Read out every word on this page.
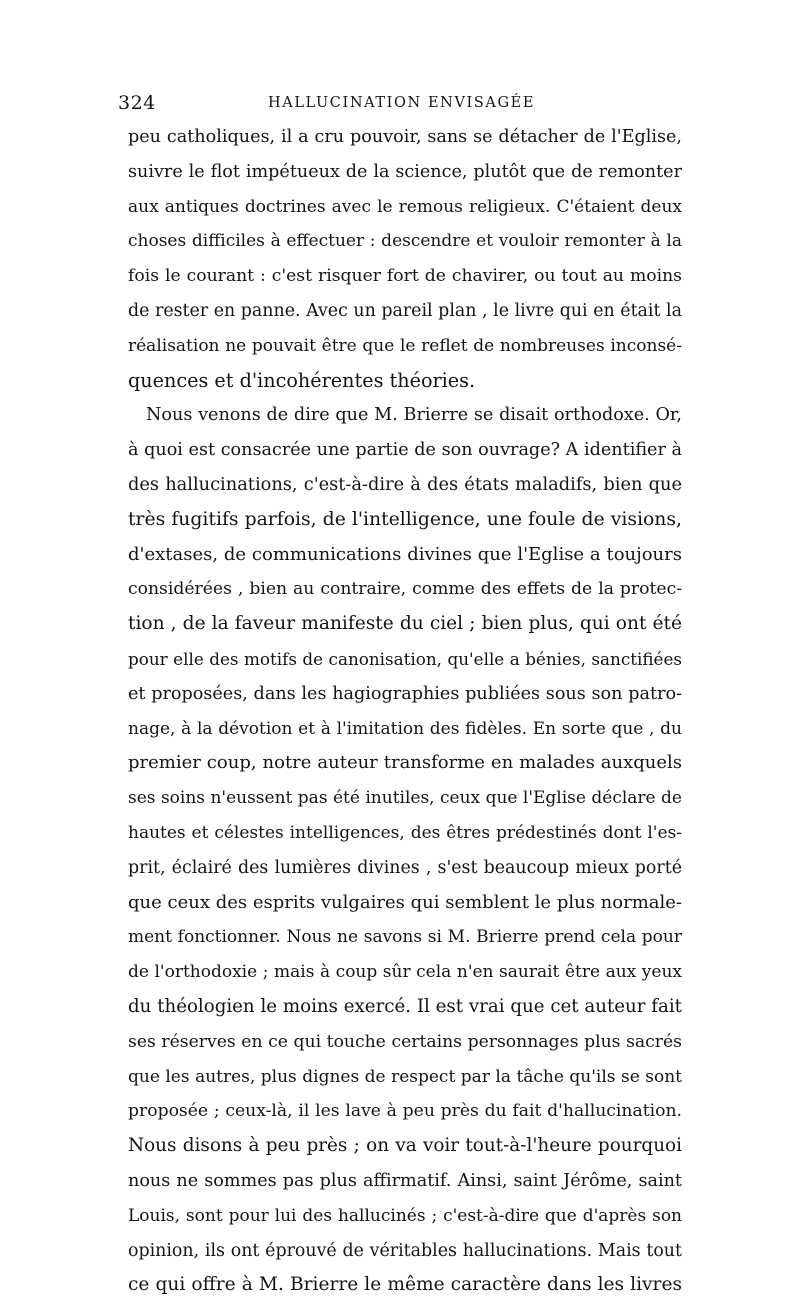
324	HALLUCINATION ENVISAGÉE
peu catholiques, il a cru pouvoir, sans se détacher de l'Eglise,
suivre le flot impétueux de la science, plutôt que de remonter
aux antiques doctrines avec le remous religieux. C'étaient deux
choses difficiles à effectuer : descendre et vouloir remonter à la
fois le courant : c'est risquer fort de chavirer, ou tout au moins
de rester en panne. Avec un pareil plan , le livre qui en était la
réalisation ne pouvait être que le reflet de nombreuses inconsé-
quences et d'incohérentes théories.
Nous venons de dire que M. Brierre se disait orthodoxe. Or,
à quoi est consacrée une partie de son ouvrage? A identifier à
des hallucinations, c'est-à-dire à des états maladifs, bien que
très fugitifs parfois, de l'intelligence, une foule de visions,
d'extases, de communications divines que l'Eglise a toujours
considérées , bien au contraire, comme des effets de la protec-
tion , de la faveur manifeste du ciel ; bien plus, qui ont été
pour elle des motifs de canonisation, qu'elle a bénies, sanctifiées
et proposées, dans les hagiographies publiées sous son patro-
nage, à la dévotion et à l'imitation des fidèles. En sorte que , du
premier coup, notre auteur transforme en malades auxquels
ses soins n'eussent pas été inutiles, ceux que l'Eglise déclare de
hautes et célestes intelligences, des êtres prédestinés dont l'es-
prit, éclairé des lumières divines , s'est beaucoup mieux porté
que ceux des esprits vulgaires qui semblent le plus normale-
ment fonctionner. Nous ne savons si M. Brierre prend cela pour
de l'orthodoxie ; mais à coup sûr cela n'en saurait être aux yeux
du théologien le moins exercé. Il est vrai que cet auteur fait
ses réserves en ce qui touche certains personnages plus sacrés
que les autres, plus dignes de respect par la tâche qu'ils se sont
proposée ; ceux-là, il les lave à peu près du fait d'hallucination.
Nous disons à peu près ; on va voir tout-à-l'heure pourquoi
nous ne sommes pas plus affirmatif. Ainsi, saint Jérôme, saint
Louis, sont pour lui des hallucinés ; c'est-à-dire que d'après son
opinion, ils ont éprouvé de véritables hallucinations. Mais tout
ce qui offre à M. Brierre le même caractère dans les livres
